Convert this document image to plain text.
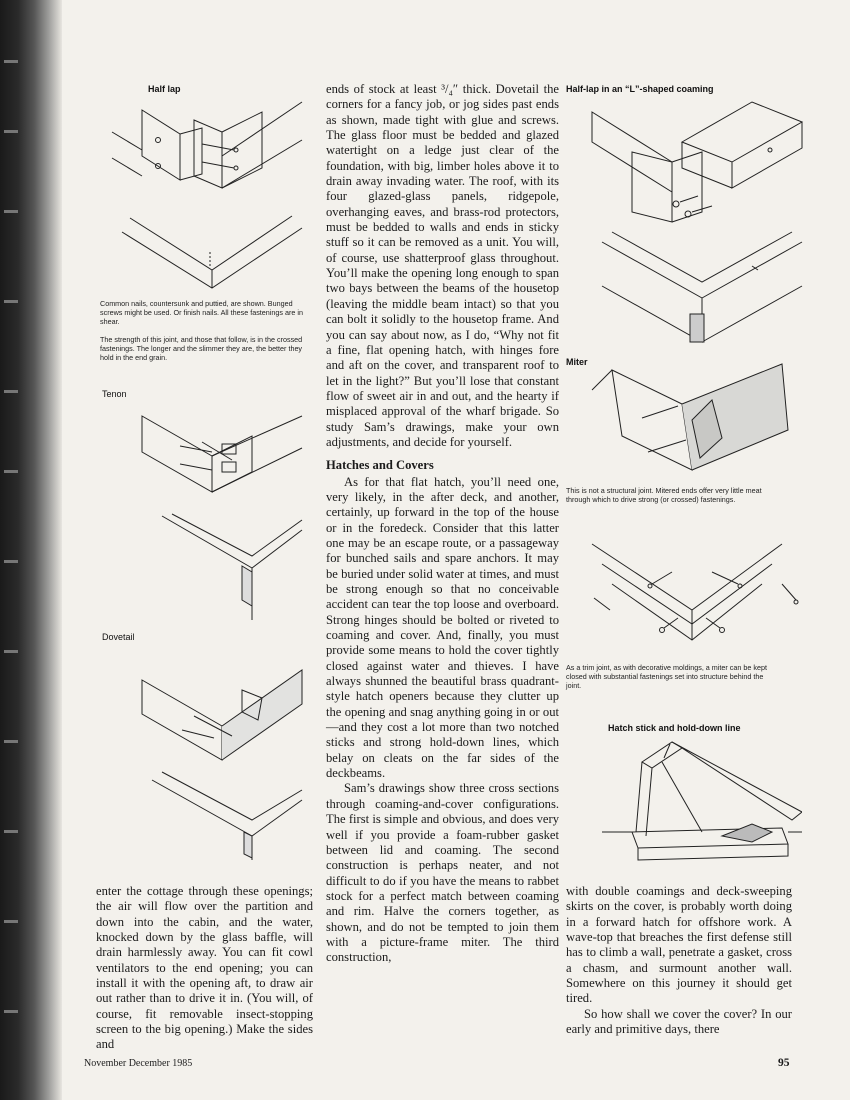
Half lap
Common nails, countersunk and puttied, are shown. Bunged screws might be used. Or finish nails. All these fastenings are in shear.
The strength of this joint, and those that follow, is in the crossed fastenings. The longer and the slimmer they are, the better they hold in the end grain.
Tenon
Dovetail

enter the cottage through these openings; the air will flow over the partition and down into the cabin, and the water, knocked down by the glass baffle, will drain harmlessly away. You can fit cowl ventilators to the end opening; you can install it with the opening aft, to draw air out rather than to drive it in. (You will, of course, fit removable insect-stopping screen to the big opening.) Make the sides and

ends of stock at least ³/₄″ thick. Dovetail the corners for a fancy job, or jog sides past ends as shown, made tight with glue and screws. The glass floor must be bedded and glazed watertight on a ledge just clear of the foundation, with big, limber holes above it to drain away invading water. The roof, with its four glazed-glass panels, ridgepole, overhanging eaves, and brass-rod protectors, must be bedded to walls and ends in sticky stuff so it can be removed as a unit. You will, of course, use shatterproof glass throughout. You’ll make the opening long enough to span two bays between the beams of the housetop (leaving the middle beam intact) so that you can bolt it solidly to the housetop frame. And you can say about now, as I do, “Why not fit a fine, flat opening hatch, with hinges fore and aft on the cover, and transparent roof to let in the light?” But you’ll lose that constant flow of sweet air in and out, and the hearty if misplaced approval of the wharf brigade. So study Sam’s drawings, make your own adjustments, and decide for yourself.

Hatches and Covers

As for that flat hatch, you’ll need one, very likely, in the after deck, and another, certainly, up forward in the top of the house or in the foredeck. Consider that this latter one may be an escape route, or a passageway for bunched sails and spare anchors. It may be buried under solid water at times, and must be strong enough so that no conceivable accident can tear the top loose and overboard. Strong hinges should be bolted or riveted to coaming and cover. And, finally, you must provide some means to hold the cover tightly closed against water and thieves. I have always shunned the beautiful brass quadrant-style hatch openers because they clutter up the opening and snag anything going in or out—and they cost a lot more than two notched sticks and strong hold-down lines, which belay on cleats on the far sides of the deckbeams.

Sam’s drawings show three cross sections through coaming-and-cover configurations. The first is simple and obvious, and does very well if you provide a foam-rubber gasket between lid and coaming. The second construction is perhaps neater, and not difficult to do if you have the means to rabbet stock for a perfect match between coaming and rim. Halve the corners together, as shown, and do not be tempted to join them with a picture-frame miter. The third construction,

Half-lap in an “L”-shaped coaming
Miter
This is not a structural joint. Mitered ends offer very little meat through which to drive strong (or crossed) fastenings.
As a trim joint, as with decorative moldings, a miter can be kept closed with substantial fastenings set into structure behind the joint.
Hatch stick and hold-down line

with double coamings and deck-sweeping skirts on the cover, is probably worth doing in a forward hatch for offshore work. A wave-top that breaches the first defense still has to climb a wall, penetrate a gasket, cross a chasm, and surmount another wall. Somewhere on this journey it should get tired.

So how shall we cover the cover? In our early and primitive days, there

November December 1985	95
